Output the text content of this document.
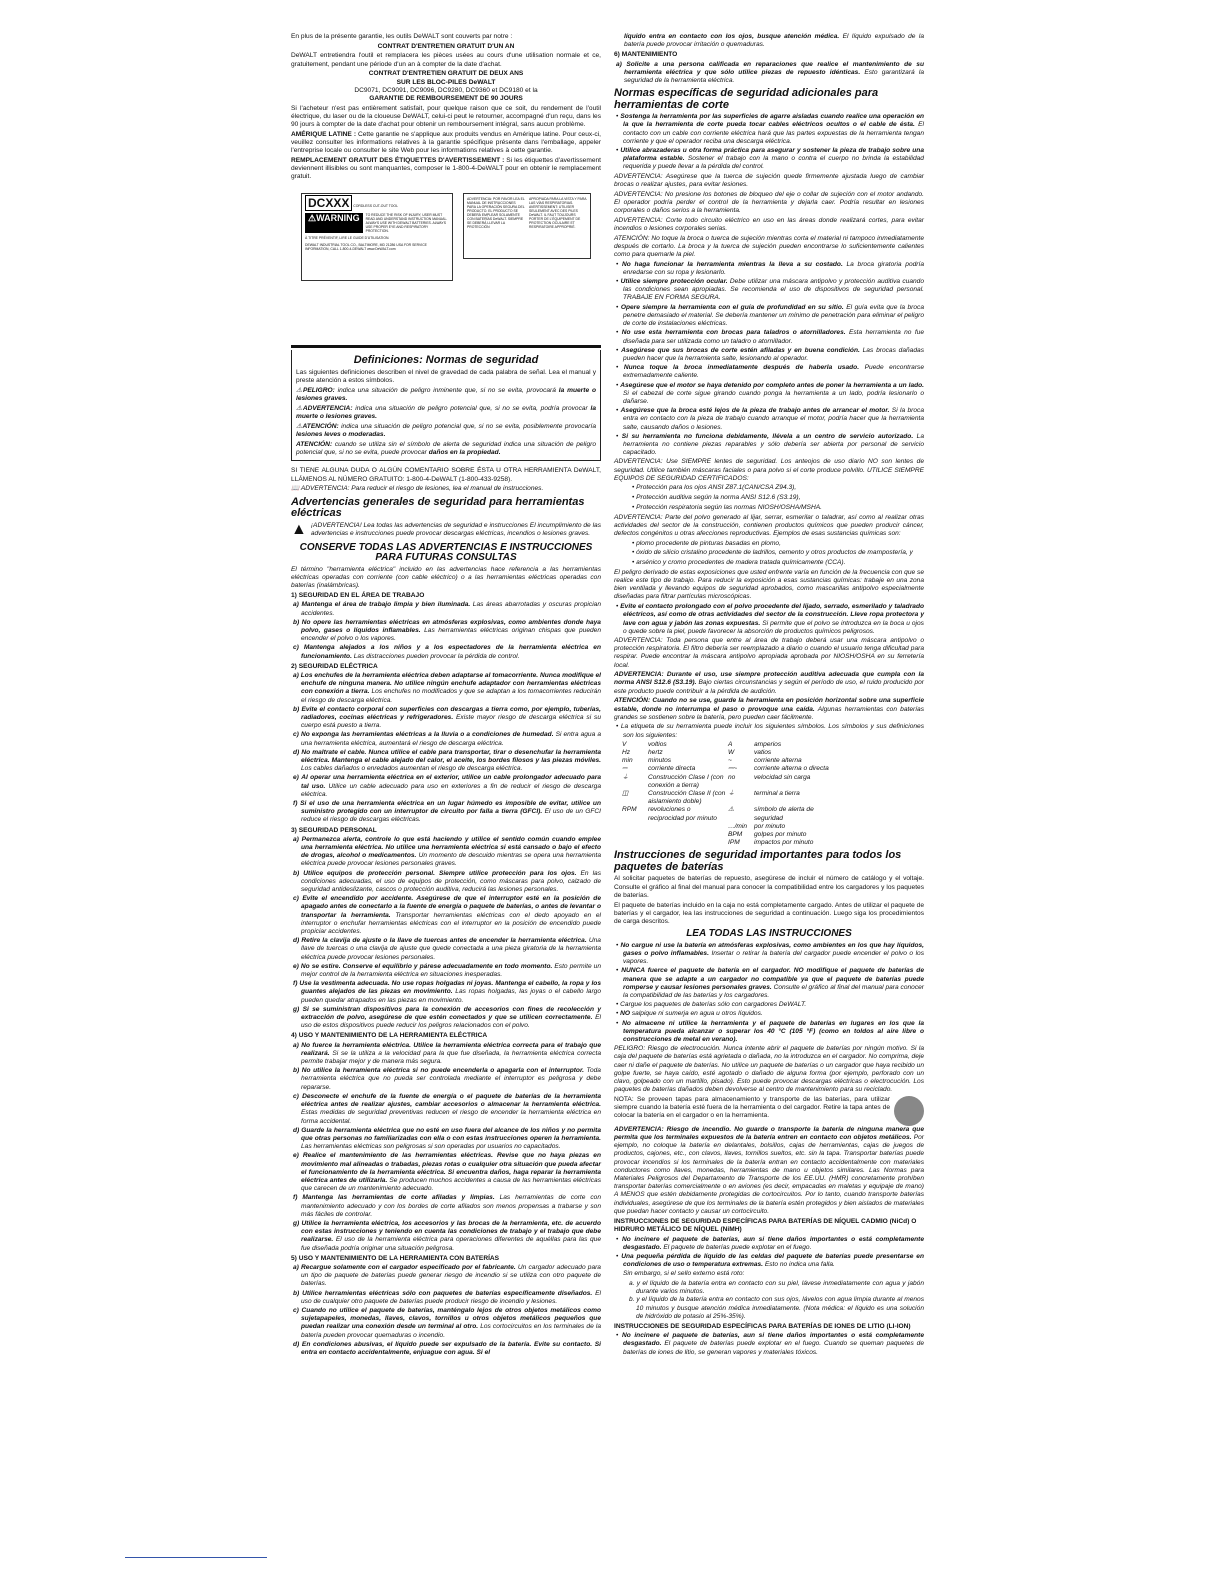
En plus de la présente garantie, les outils DeWALT sont couverts par notre :

CONTRAT D'ENTRETIEN GRATUIT D'UN AN

DeWALT entretiendra l'outil et remplacera les pièces usées au cours d'une utilisation normale et ce, gratuitement, pendant une période d'un an à compter de la date d'achat.

CONTRAT D'ENTRETIEN GRATUIT DE DEUX ANS

SUR LES BLOC-PILES DeWALT

DC9071, DC9091, DC9096, DC9280, DC9360 et DC9180 et la

GARANTIE DE REMBOURSEMENT DE 90 JOURS

Si l'acheteur n'est pas entièrement satisfait, pour quelque raison que ce soit, du rendement de l'outil électrique, du laser ou de la cloueuse DeWALT, celui-ci peut le retourner, accompagné d'un reçu, dans les 90 jours à compter de la date d'achat pour obtenir un remboursement intégral, sans aucun problème.

AMÉRIQUE LATINE : Cette garantie ne s'applique aux produits vendus en Amérique latine. Pour ceux-ci, veuillez consulter les informations relatives à la garantie spécifique présente dans l'emballage, appeler l'entreprise locale ou consulter le site Web pour les informations relatives à cette garantie.

REMPLACEMENT GRATUIT DES ÉTIQUETTES D'AVERTISSEMENT : Si les étiquettes d'avertissement deviennent illisibles ou sont manquantes, composer le 1-800-4-DeWALT pour en obtenir le remplacement gratuit.

DCXXX CORDLESS CUT-OUT TOOL
⚠WARNING	TO REDUCE THE RISK OF INJURY, USER MUST READ AND UNDERSTAND INSTRUCTION MANUAL. ALWAYS USE WITH DEWALT BATTERIES. ALWAYS USE PROPER EYE AND RESPIRATORY PROTECTION.
À TITRE PRÉVENTIF, LIRE LE GUIDE D'UTILISATION.
DEWALT INDUSTRIAL TOOL CO., BALTIMORE, MD 21286 USA FOR SERVICE INFORMATION, CALL 1-800-4-DEWALT www.DeWALT.com
ADVERTENCIA: POR FAVOR LEA EL MANUAL DE INSTRUCCIONES PARA LA OPERACIÓN SEGURA DEL PRODUCTO. EL PRODUCTO SE DEBERÁ EMPLEAR SOLAMENTE CON BATERÍAS DeWALT. SIEMPRE SE DEBERÁ LLEVAR LA PROTECCIÓN
APROPIADA PARA LA VISTA Y PARA LAS VÍAS RESPIRATORIAS. AVERTISSEMENT: UTILISER SEULEMENT AVEC DES PILES DeWALT. IL FAUT TOUJOURS PORTER DE L'ÉQUIPEMENT DE PROTECTION OCULAIRE ET RESPIRATOIRE APPROPRIÉ.
Definiciones: Normas de seguridad

Las siguientes definiciones describen el nivel de gravedad de cada palabra de señal. Lea el manual y preste atención a estos símbolos.

⚠PELIGRO: indica una situación de peligro inminente que, si no se evita, provocará la muerte o lesiones graves.

⚠ADVERTENCIA: indica una situación de peligro potencial que, si no se evita, podría provocar la muerte o lesiones graves.

⚠ATENCIÓN: indica una situación de peligro potencial que, si no se evita, posiblemente provocaría lesiones leves o moderadas.

ATENCIÓN: cuando se utiliza sin el símbolo de alerta de seguridad indica una situación de peligro potencial que, si no se evita, puede provocar daños en la propiedad.

SI TIENE ALGUNA DUDA O ALGÚN COMENTARIO SOBRE ÉSTA U OTRA HERRAMIENTA DeWALT, LLÁMENOS AL NÚMERO GRATUITO: 1-800-4-DeWALT (1-800-433-9258).

📖 ADVERTENCIA: Para reducir el riesgo de lesiones, lea el manual de instrucciones.

Advertencias generales de seguridad para herramientas eléctricas
▲ ¡ADVERTENCIA! Lea todas las advertencias de seguridad e instrucciones El incumplimiento de las advertencias e instrucciones puede provocar descargas eléctricas, incendios o lesiones graves.

CONSERVE TODAS LAS ADVERTENCIAS E INSTRUCCIONES PARA FUTURAS CONSULTAS

El término "herramienta eléctrica" incluido en las advertencias hace referencia a las herramientas eléctricas operadas con corriente (con cable eléctrico) o a las herramientas eléctricas operadas con baterías (inalámbricas).

1) SEGURIDAD EN EL ÁREA DE TRABAJO

a) Mantenga el área de trabajo limpia y bien iluminada. Las áreas abarrotadas y oscuras propician accidentes.

b) No opere las herramientas eléctricas en atmósferas explosivas, como ambientes donde haya polvo, gases o líquidos inflamables. Las herramientas eléctricas originan chispas que pueden encender el polvo o los vapores.

c) Mantenga alejados a los niños y a los espectadores de la herramienta eléctrica en funcionamiento. Las distracciones pueden provocar la pérdida de control.

2) SEGURIDAD ELÉCTRICA

a) Los enchufes de la herramienta eléctrica deben adaptarse al tomacorriente. Nunca modifique el enchufe de ninguna manera. No utilice ningún enchufe adaptador con herramientas eléctricas con conexión a tierra. Los enchufes no modificados y que se adaptan a los tomacorrientes reducirán el riesgo de descarga eléctrica.

b) Evite el contacto corporal con superficies con descargas a tierra como, por ejemplo, tuberías, radiadores, cocinas eléctricas y refrigeradores. Existe mayor riesgo de descarga eléctrica si su cuerpo está puesto a tierra.

c) No exponga las herramientas eléctricas a la lluvia o a condiciones de humedad. Si entra agua a una herramienta eléctrica, aumentará el riesgo de descarga eléctrica.

d) No maltrate el cable. Nunca utilice el cable para transportar, tirar o desenchufar la herramienta eléctrica. Mantenga el cable alejado del calor, el aceite, los bordes filosos y las piezas móviles. Los cables dañados o enredados aumentan el riesgo de descarga eléctrica.

e) Al operar una herramienta eléctrica en el exterior, utilice un cable prolongador adecuado para tal uso. Utilice un cable adecuado para uso en exteriores a fin de reducir el riesgo de descarga eléctrica.

f) Si el uso de una herramienta eléctrica en un lugar húmedo es imposible de evitar, utilice un suministro protegido con un interruptor de circuito por falla a tierra (GFCI). El uso de un GFCI reduce el riesgo de descargas eléctricas.

3) SEGURIDAD PERSONAL

a) Permanezca alerta, controle lo que está haciendo y utilice el sentido común cuando emplee una herramienta eléctrica. No utilice una herramienta eléctrica si está cansado o bajo el efecto de drogas, alcohol o medicamentos. Un momento de descuido mientras se opera una herramienta eléctrica puede provocar lesiones personales graves.

b) Utilice equipos de protección personal. Siempre utilice protección para los ojos. En las condiciones adecuadas, el uso de equipos de protección, como máscaras para polvo, calzado de seguridad antideslizante, cascos o protección auditiva, reducirá las lesiones personales.

c) Evite el encendido por accidente. Asegúrese de que el interruptor esté en la posición de apagado antes de conectarlo a la fuente de energía o paquete de baterías, o antes de levantar o transportar la herramienta. Transportar herramientas eléctricas con el dedo apoyado en el interruptor o enchufar herramientas eléctricas con el interruptor en la posición de encendido puede propiciar accidentes.

d) Retire la clavija de ajuste o la llave de tuercas antes de encender la herramienta eléctrica. Una llave de tuercas o una clavija de ajuste que quede conectada a una pieza giratoria de la herramienta eléctrica puede provocar lesiones personales.

e) No se estire. Conserve el equilibrio y párese adecuadamente en todo momento. Esto permite un mejor control de la herramienta eléctrica en situaciones inesperadas.

f) Use la vestimenta adecuada. No use ropas holgadas ni joyas. Mantenga el cabello, la ropa y los guantes alejados de las piezas en movimiento. Las ropas holgadas, las joyas o el cabello largo pueden quedar atrapados en las piezas en movimiento.

g) Si se suministran dispositivos para la conexión de accesorios con fines de recolección y extracción de polvo, asegúrese de que estén conectados y que se utilicen correctamente. El uso de estos dispositivos puede reducir los peligros relacionados con el polvo.

4) USO Y MANTENIMIENTO DE LA HERRAMIENTA ELÉCTRICA

a) No fuerce la herramienta eléctrica. Utilice la herramienta eléctrica correcta para el trabajo que realizará. Si se la utiliza a la velocidad para la que fue diseñada, la herramienta eléctrica correcta permite trabajar mejor y de manera más segura.

b) No utilice la herramienta eléctrica si no puede encenderla o apagarla con el interruptor. Toda herramienta eléctrica que no pueda ser controlada mediante el interruptor es peligrosa y debe repararse.

c) Desconecte el enchufe de la fuente de energía o el paquete de baterías de la herramienta eléctrica antes de realizar ajustes, cambiar accesorios o almacenar la herramienta eléctrica. Estas medidas de seguridad preventivas reducen el riesgo de encender la herramienta eléctrica en forma accidental.

d) Guarde la herramienta eléctrica que no esté en uso fuera del alcance de los niños y no permita que otras personas no familiarizadas con ella o con estas instrucciones operen la herramienta. Las herramientas eléctricas son peligrosas si son operadas por usuarios no capacitados.

e) Realice el mantenimiento de las herramientas eléctricas. Revise que no haya piezas en movimiento mal alineadas o trabadas, piezas rotas o cualquier otra situación que pueda afectar el funcionamiento de la herramienta eléctrica. Si encuentra daños, haga reparar la herramienta eléctrica antes de utilizarla. Se producen muchos accidentes a causa de las herramientas eléctricas que carecen de un mantenimiento adecuado.

f) Mantenga las herramientas de corte afiladas y limpias. Las herramientas de corte con mantenimiento adecuado y con los bordes de corte afilados son menos propensas a trabarse y son más fáciles de controlar.

g) Utilice la herramienta eléctrica, los accesorios y las brocas de la herramienta, etc. de acuerdo con estas instrucciones y teniendo en cuenta las condiciones de trabajo y el trabajo que debe realizarse. El uso de la herramienta eléctrica para operaciones diferentes de aquéllas para las que fue diseñada podría originar una situación peligrosa.

5) USO Y MANTENIMIENTO DE LA HERRAMIENTA CON BATERÍAS

a) Recargue solamente con el cargador especificado por el fabricante. Un cargador adecuado para un tipo de paquete de baterías puede generar riesgo de incendio si se utiliza con otro paquete de baterías.

b) Utilice herramientas eléctricas sólo con paquetes de baterías específicamente diseñados. El uso de cualquier otro paquete de baterías puede producir riesgo de incendio y lesiones.

c) Cuando no utilice el paquete de baterías, manténgalo lejos de otros objetos metálicos como sujetapapeles, monedas, llaves, clavos, tornillos u otros objetos metálicos pequeños que puedan realizar una conexión desde un terminal al otro. Los cortocircuitos en los terminales de la batería pueden provocar quemaduras o incendio.

d) En condiciones abusivas, el líquido puede ser expulsado de la batería. Evite su contacto. Si entra en contacto accidentalmente, enjuague con agua. Si el

líquido entra en contacto con los ojos, busque atención médica. El líquido expulsado de la batería puede provocar irritación o quemaduras.

6) MANTENIMIENTO

a) Solicite a una persona calificada en reparaciones que realice el mantenimiento de su herramienta eléctrica y que sólo utilice piezas de repuesto idénticas. Esto garantizará la seguridad de la herramienta eléctrica.

Normas específicas de seguridad adicionales para herramientas de corte

• Sostenga la herramienta por las superficies de agarre aisladas cuando realice una operación en la que la herramienta de corte pueda tocar cables eléctricos ocultos o el cable de ésta. El contacto con un cable con corriente eléctrica hará que las partes expuestas de la herramienta tengan corriente y que el operador reciba una descarga eléctrica.

• Utilice abrazaderas u otra forma práctica para asegurar y sostener la pieza de trabajo sobre una plataforma estable. Sostener el trabajo con la mano o contra el cuerpo no brinda la estabilidad requerida y puede llevar a la pérdida del control.

ADVERTENCIA: Asegúrese que la tuerca de sujeción quede firmemente ajustada luego de cambiar brocas o realizar ajustes, para evitar lesiones.

ADVERTENCIA: No presione los botones de bloqueo del eje o collar de sujeción con el motor andando. El operador podría perder el control de la herramienta y dejarla caer. Podría resultar en lesiones corporales o daños serios a la herramienta.

ADVERTENCIA: Corte todo circuito eléctrico en uso en las áreas donde realizará cortes, para evitar incendios o lesiones corporales serias.

ATENCIÓN: No toque la broca o tuerca de sujeción mientras corta el material ni tampoco inmediatamente después de cortarlo. La broca y la tuerca de sujeción pueden encontrarse lo suficientemente calientes como para quemarle la piel.

• No haga funcionar la herramienta mientras la lleva a su costado. La broca giratoria podría enredarse con su ropa y lesionarlo.

• Utilice siempre protección ocular. Debe utilizar una máscara antipolvo y protección auditiva cuando las condiciones sean apropiadas. Se recomienda el uso de dispositivos de seguridad personal. TRABAJE EN FORMA SEGURA.

• Opere siempre la herramienta con el guía de profundidad en su sitio. El guía evita que la broca penetre demasiado el material. Se debería mantener un mínimo de penetración para eliminar el peligro de corte de instalaciones eléctricas.

• No use esta herramienta con brocas para taladros o atornilladores. Esta herramienta no fue diseñada para ser utilizada como un taladro o atornillador.

• Asegúrese que sus brocas de corte estén afiladas y en buena condición. Las brocas dañadas pueden hacer que la herramienta salte, lesionando al operador.

• Nunca toque la broca inmediatamente después de haberla usado. Puede encontrarse extremadamente caliente.

• Asegúrese que el motor se haya detenido por completo antes de poner la herramienta a un lado. Si el cabezal de corte sigue girando cuando ponga la herramienta a un lado, podría lesionarlo o dañarse.

• Asegúrese que la broca esté lejos de la pieza de trabajo antes de arrancar el motor. Si la broca entra en contacto con la pieza de trabajo cuando arranque el motor, podría hacer que la herramienta salte, causando daños o lesiones.

• Si su herramienta no funciona debidamente, llévela a un centro de servicio autorizado. La herramienta no contiene piezas reparables y sólo debería ser abierta por personal de servicio capacitado.

ADVERTENCIA: Use SIEMPRE lentes de seguridad. Los anteojos de uso diario NO son lentes de seguridad. Utilice también máscaras faciales o para polvo si el corte produce polvillo. UTILICE SIEMPRE EQUIPOS DE SEGURIDAD CERTIFICADOS:

• Protección para los ojos ANSI Z87.1(CAN/CSA Z94.3),

• Protección auditiva según la norma ANSI S12.6 (S3.19),

• Protección respiratoria según las normas NIOSH/OSHA/MSHA.

ADVERTENCIA: Parte del polvo generado al lijar, serrar, esmerilar o taladrar, así como al realizar otras actividades del sector de la construcción, contienen productos químicos que pueden producir cáncer, defectos congénitos u otras afecciones reproductivas. Ejemplos de esas sustancias químicas son:

• plomo procedente de pinturas basadas en plomo,

• óxido de silicio cristalino procedente de ladrillos, cemento y otros productos de mampostería, y

• arsénico y cromo procedentes de madera tratada químicamente (CCA).

El peligro derivado de estas exposiciones que usted enfrente varía en función de la frecuencia con que se realice este tipo de trabajo. Para reducir la exposición a esas sustancias químicas: trabaje en una zona bien ventilada y llevando equipos de seguridad aprobados, como mascarillas antipolvo especialmente diseñadas para filtrar partículas microscópicas.

• Evite el contacto prolongado con el polvo procedente del lijado, serrado, esmerilado y taladrado eléctricos, así como de otras actividades del sector de la construcción. Lleve ropa protectora y lave con agua y jabón las zonas expuestas. Si permite que el polvo se introduzca en la boca u ojos o quede sobre la piel, puede favorecer la absorción de productos químicos peligrosos.

ADVERTENCIA: Toda persona que entre al área de trabajo deberá usar una máscara antipolvo o protección respiratoria. El filtro debería ser reemplazado a diario o cuando el usuario tenga dificultad para respirar. Puede encontrar la máscara antipolvo apropiada aprobada por NIOSH/OSHA en su ferretería local.

ADVERTENCIA: Durante el uso, use siempre protección auditiva adecuada que cumpla con la norma ANSI S12.6 (S3.19). Bajo ciertas circunstancias y según el período de uso, el ruido producido por este producto puede contribuir a la pérdida de audición.

ATENCIÓN: Cuando no se use, guarde la herramienta en posición horizontal sobre una superficie estable, donde no interrumpa el paso o provoque una caída. Algunas herramientas con baterías grandes se sostienen sobre la batería, pero pueden caer fácilmente.

• La etiqueta de su herramienta puede incluir los siguientes símbolos. Los símbolos y sus definiciones son los siguientes:

V	voltios	A	amperios
Hz	hertz	W	vatios
min	minutos	~	corriente alterna
⎓	corriente directa	⎓~	corriente alterna o directa
⏚	Construcción Clase I (con conexión a tierra)
no	velocidad sin carga
◫	Construcción Clase II (con aislamiento doble)
⏚	terminal a tierra
RPM	revoluciones o reciprocidad por minuto
⚠	símbolo de alerta de seguridad
…/min	por minuto
BPM	golpes por minuto
IPM	impactos por minuto
Instrucciones de seguridad importantes para todos los paquetes de baterías

Al solicitar paquetes de baterías de repuesto, asegúrese de incluir el número de catálogo y el voltaje. Consulte el gráfico al final del manual para conocer la compatibilidad entre los cargadores y los paquetes de baterías.

El paquete de baterías incluido en la caja no está completamente cargado. Antes de utilizar el paquete de baterías y el cargador, lea las instrucciones de seguridad a continuación. Luego siga los procedimientos de carga descritos.

LEA TODAS LAS INSTRUCCIONES

• No cargue ni use la batería en atmósferas explosivas, como ambientes en los que hay líquidos, gases o polvo inflamables. Insertar o retirar la batería del cargador puede encender el polvo o los vapores.

• NUNCA fuerce el paquete de batería en el cargador. NO modifique el paquete de baterías de manera que se adapte a un cargador no compatible ya que el paquete de baterías puede romperse y causar lesiones personales graves. Consulte el gráfico al final del manual para conocer la compatibilidad de las baterías y los cargadores.

• Cargue los paquetes de baterías sólo con cargadores DeWALT.

• NO salpique ni sumerja en agua u otros líquidos.

• No almacene ni utilice la herramienta y el paquete de baterías en lugares en los que la temperatura pueda alcanzar o superar los 40 °C (105 °F) (como en toldos al aire libre o construcciones de metal en verano).

PELIGRO: Riesgo de electrocución. Nunca intente abrir el paquete de baterías por ningún motivo. Si la caja del paquete de baterías está agrietada o dañada, no la introduzca en el cargador. No comprima, deje caer ni dañe el paquete de baterías. No utilice un paquete de baterías o un cargador que haya recibido un golpe fuerte, se haya caído, esté agotado o dañado de alguna forma (por ejemplo, perforado con un clavo, golpeado con un martillo, pisado). Esto puede provocar descargas eléctricas o electrocución. Los paquetes de baterías dañados deben devolverse al centro de mantenimiento para su reciclado.

NOTA: Se proveen tapas para almacenamiento y transporte de las baterías, para utilizar siempre cuando la batería esté fuera de la herramienta o del cargador. Retire la tapa antes de colocar la batería en el cargador o en la herramienta.

ADVERTENCIA: Riesgo de incendio. No guarde o transporte la batería de ninguna manera que permita que los terminales expuestos de la batería entren en contacto con objetos metálicos. Por ejemplo, no coloque la batería en delantales, bolsillos, cajas de herramientas, cajas de juegos de productos, cajones, etc., con clavos, llaves, tornillos sueltos, etc. sin la tapa. Transportar baterías puede provocar incendios si los terminales de la batería entran en contacto accidentalmente con materiales conductores como llaves, monedas, herramientas de mano u objetos similares. Las Normas para Materiales Peligrosos del Departamento de Transporte de los EE.UU. (HMR) concretamente prohíben transportar baterías comercialmente o en aviones (es decir, empacadas en maletas y equipaje de mano) A MENOS que estén debidamente protegidas de cortocircuitos. Por lo tanto, cuando transporte baterías individuales, asegúrese de que los terminales de la batería estén protegidos y bien aislados de materiales que puedan hacer contacto y causar un cortocircuito.

INSTRUCCIONES DE SEGURIDAD ESPECÍFICAS PARA BATERÍAS DE NÍQUEL CADMIO (NiCd) O HIDRURO METÁLICO DE NÍQUEL (NiMH)

• No incinere el paquete de baterías, aun si tiene daños importantes o está completamente desgastado. El paquete de baterías puede explotar en el fuego.

• Una pequeña pérdida de líquido de las celdas del paquete de baterías puede presentarse en condiciones de uso o temperatura extremas. Esto no indica una falla.

Sin embargo, si el sello externo está roto:

a. y el líquido de la batería entra en contacto con su piel, lávese inmediatamente con agua y jabón durante varios minutos.

b. y el líquido de la batería entra en contacto con sus ojos, lávelos con agua limpia durante al menos 10 minutos y busque atención médica inmediatamente. (Nota médica: el líquido es una solución de hidróxido de potasio al 25%-35%).

INSTRUCCIONES DE SEGURIDAD ESPECÍFICAS PARA BATERÍAS DE IONES DE LITIO (LI-ION)

• No incinere el paquete de baterías, aun si tiene daños importantes o está completamente desgastado. El paquete de baterías puede explotar en el fuego. Cuando se queman paquetes de baterías de iones de litio, se generan vapores y materiales tóxicos.
